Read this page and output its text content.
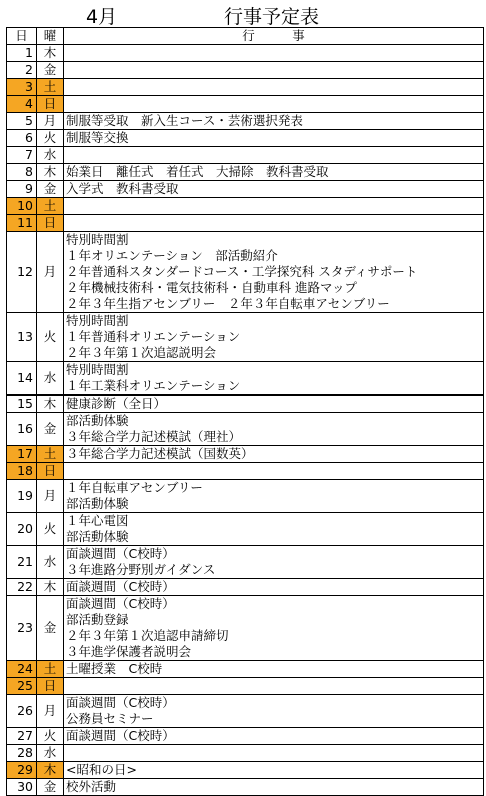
4月	行事予定表
日	曜	行　　　事
1	木	

2	金	

3	土	

4	日	

5	月	制服等受取　新入生コース・芸術選択発表

6	火	制服等交換

7	水	

8	木	始業日　離任式　着任式　大掃除　教科書受取

9	金	入学式　教科書受取

10	土	

11	日	

12	月	特別時間割
１年オリエンテーション　部活動紹介
２年普通科スタンダードコース・工学探究科 スタディサポート
２年機械技術科・電気技術科・自動車科 進路マップ
２年３年生指アセンブリー　２年３年自転車アセンブリー

13	火	特別時間割
１年普通科オリエンテーション
２年３年第１次追認説明会

14	水	特別時間割
１年工業科オリエンテーション

15	木	健康診断（全日）

16	金	部活動体験
３年総合学力記述模試（理社）

17	土	３年総合学力記述模試（国数英）

18	日	

19	月	１年自転車アセンブリー
部活動体験

20	火	１年心電図
部活動体験

21	水	面談週間（C校時）
３年進路分野別ガイダンス

22	木	面談週間（C校時）

23	金	面談週間（C校時）
部活動登録
２年３年第１次追認申請締切
３年進学保護者説明会

24	土	土曜授業　C校時

25	日	

26	月	面談週間（C校時）
公務員セミナー

27	火	面談週間（C校時）

28	水	

29	木	<昭和の日>

30	金	校外活動
